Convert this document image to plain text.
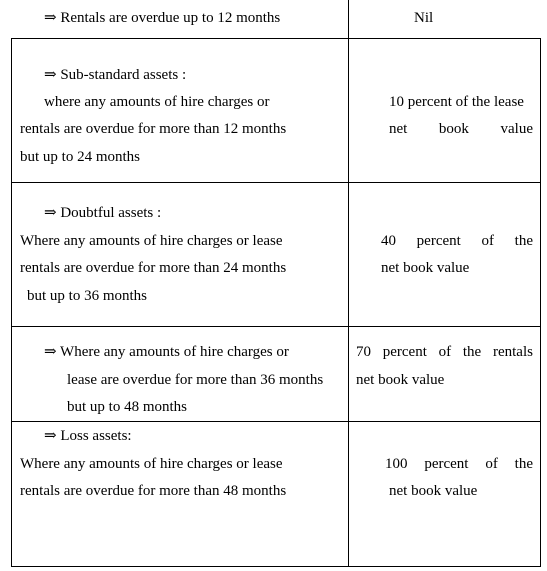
⇒ Rentals are overdue up to 12 months	Nil
⇒ Sub-standard assets :
where any amounts of hire charges or
rentals are overdue for more than 12 months
but up to 24 months
10 percent of the lease
net book value
⇒ Doubtful assets :
Where any amounts of hire charges or lease
rentals are overdue for more than 24 months
but up to 36 months
40 percent of the
net book value
⇒ Where any amounts of hire charges or
lease are overdue for more than 36 months
but up to 48 months
70 percent of the rentals
net book value
⇒ Loss assets:
Where any amounts of hire charges or lease
rentals are overdue for more than 48 months
100 percent of the
net book value
